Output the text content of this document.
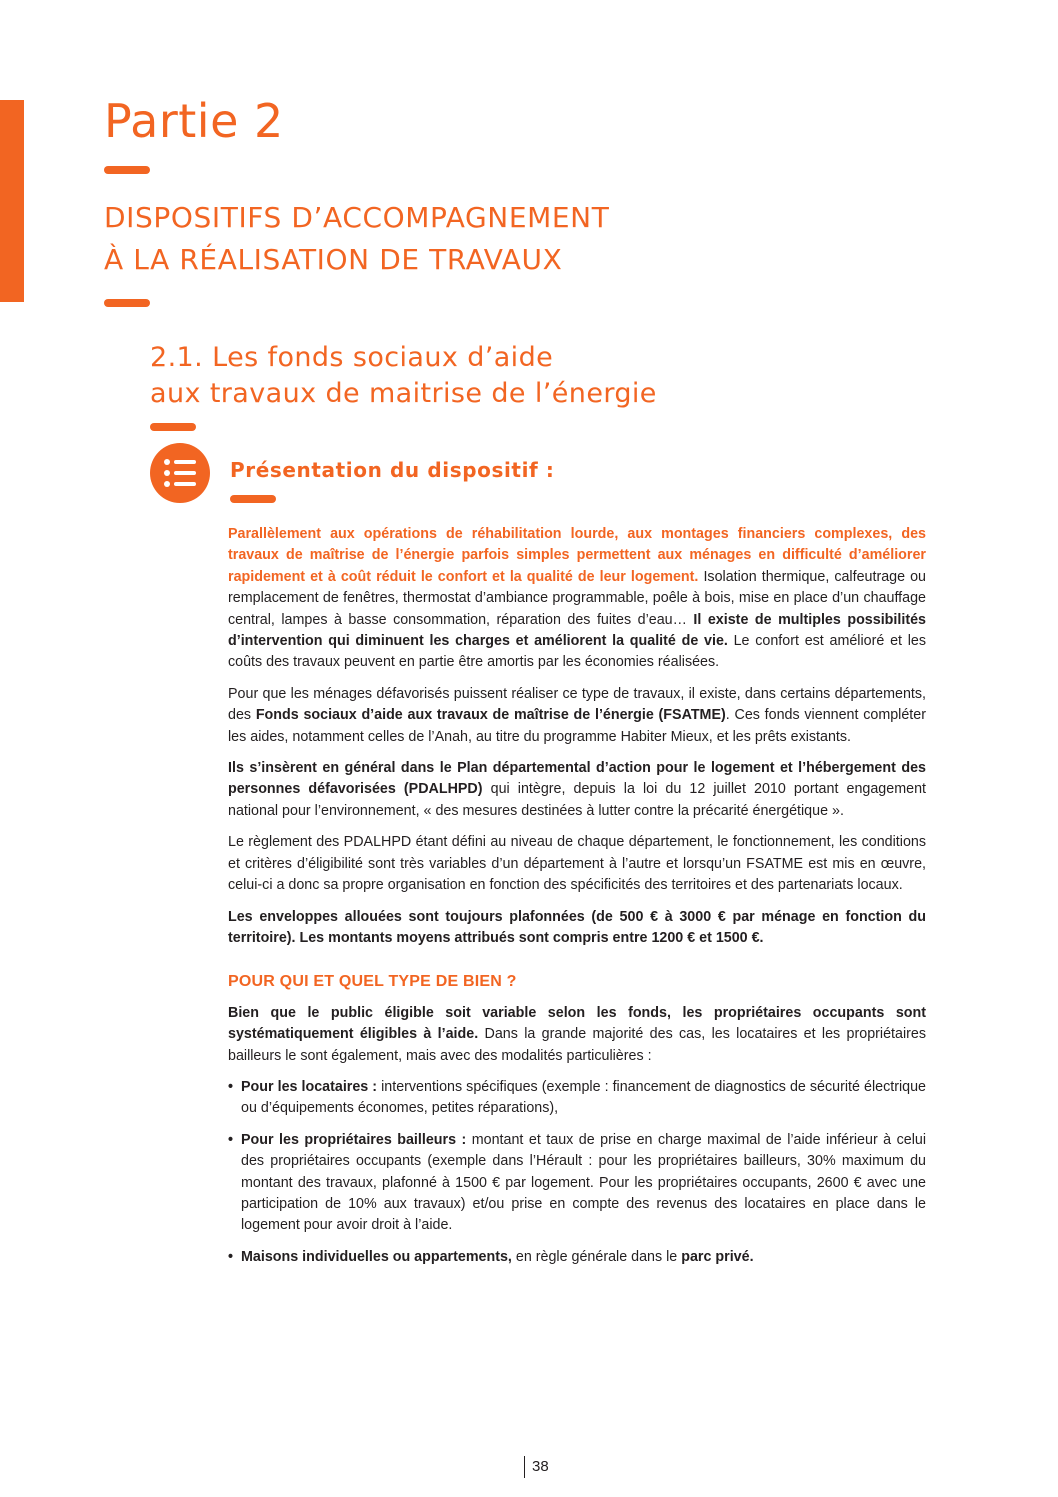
Partie 2
DISPOSITIFS D’ACCOMPAGNEMENT
À LA RÉALISATION DE TRAVAUX
2.1. Les fonds sociaux d’aide
aux travaux de maitrise de l’énergie
Présentation du dispositif :

Parallèlement aux opérations de réhabilitation lourde, aux montages financiers complexes, des travaux de maîtrise de l’énergie parfois simples permettent aux ménages en difficulté d’améliorer rapidement et à coût réduit le confort et la qualité de leur logement. Isolation thermique, calfeutrage ou remplacement de fenêtres, thermostat d’ambiance programmable, poêle à bois, mise en place d’un chauffage central, lampes à basse consommation, réparation des fuites d’eau… Il existe de multiples possibilités d’intervention qui diminuent les charges et améliorent la qualité de vie. Le confort est amélioré et les coûts des travaux peuvent en partie être amortis par les économies réalisées.

Pour que les ménages défavorisés puissent réaliser ce type de travaux, il existe, dans certains départements, des Fonds sociaux d’aide aux travaux de maîtrise de l’énergie (FSATME). Ces fonds viennent compléter les aides, notamment celles de l’Anah, au titre du programme Habiter Mieux, et les prêts existants.

Ils s’insèrent en général dans le Plan départemental d’action pour le logement et l’hébergement des personnes défavorisées (PDALHPD) qui intègre, depuis la loi du 12 juillet 2010 portant engagement national pour l’environnement, « des mesures destinées à lutter contre la précarité énergétique ».

Le règlement des PDALHPD étant défini au niveau de chaque département, le fonctionnement, les conditions et critères d’éligibilité sont très variables d’un département à l’autre et lorsqu’un FSATME est mis en œuvre, celui-ci a donc sa propre organisation en fonction des spécificités des territoires et des partenariats locaux.

Les enveloppes allouées sont toujours plafonnées (de 500 € à 3000 € par ménage en fonction du territoire). Les montants moyens attribués sont compris entre 1200 € et 1500 €.

POUR QUI ET QUEL TYPE DE BIEN ?

Bien que le public éligible soit variable selon les fonds, les propriétaires occupants sont systématiquement éligibles à l’aide. Dans la grande majorité des cas, les locataires et les propriétaires bailleurs le sont également, mais avec des modalités particulières :

• Pour les locataires : interventions spécifiques (exemple : financement de diagnostics de sécurité électrique ou d’équipements économes, petites réparations),
• Pour les propriétaires bailleurs : montant et taux de prise en charge maximal de l’aide inférieur à celui des propriétaires occupants (exemple dans l’Hérault : pour les propriétaires bailleurs, 30% maximum du montant des travaux, plafonné à 1500 € par logement. Pour les propriétaires occupants, 2600 € avec une participation de 10% aux travaux) et/ou prise en compte des revenus des locataires en place dans le logement pour avoir droit à l’aide.
• Maisons individuelles ou appartements, en règle générale dans le parc privé.
38
